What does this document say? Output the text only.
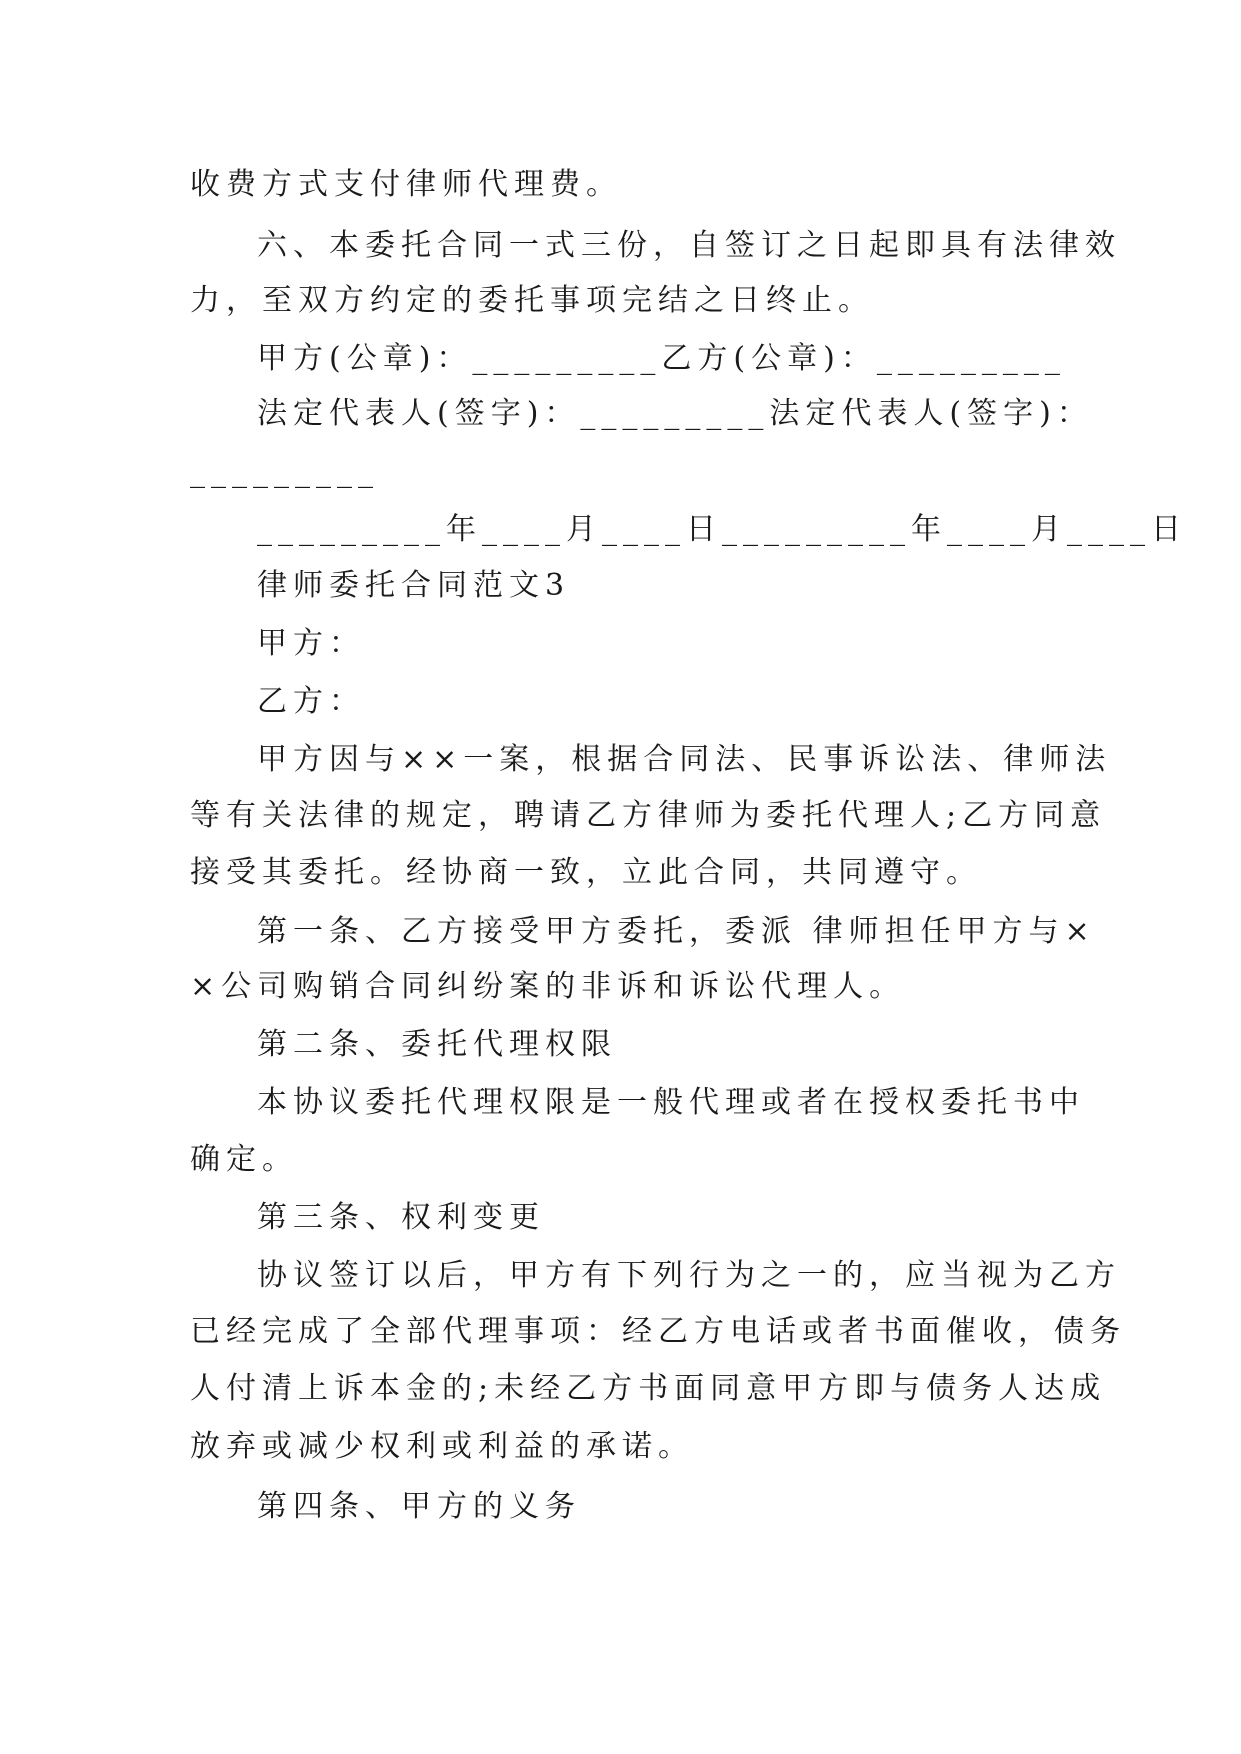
收费方式支付律师代理费。
六、本委托合同一式三份，自签订之日起即具有法律效
力，至双方约定的委托事项完结之日终止。
甲方(公章)：_________乙方(公章)：_________
法定代表人(签字)：_________法定代表人(签字)：
_________
_________年____月____日_________年____月____日
律师委托合同范文3
甲方：
乙方：
甲方因与××一案，根据合同法、民事诉讼法、律师法
等有关法律的规定，聘请乙方律师为委托代理人;乙方同意
接受其委托。经协商一致，立此合同，共同遵守。
第一条、乙方接受甲方委托，委派 律师担任甲方与×
×公司购销合同纠纷案的非诉和诉讼代理人。
第二条、委托代理权限
本协议委托代理权限是一般代理或者在授权委托书中
确定。
第三条、权利变更
协议签订以后，甲方有下列行为之一的，应当视为乙方
已经完成了全部代理事项：经乙方电话或者书面催收，债务
人付清上诉本金的;未经乙方书面同意甲方即与债务人达成
放弃或减少权利或利益的承诺。
第四条、甲方的义务
